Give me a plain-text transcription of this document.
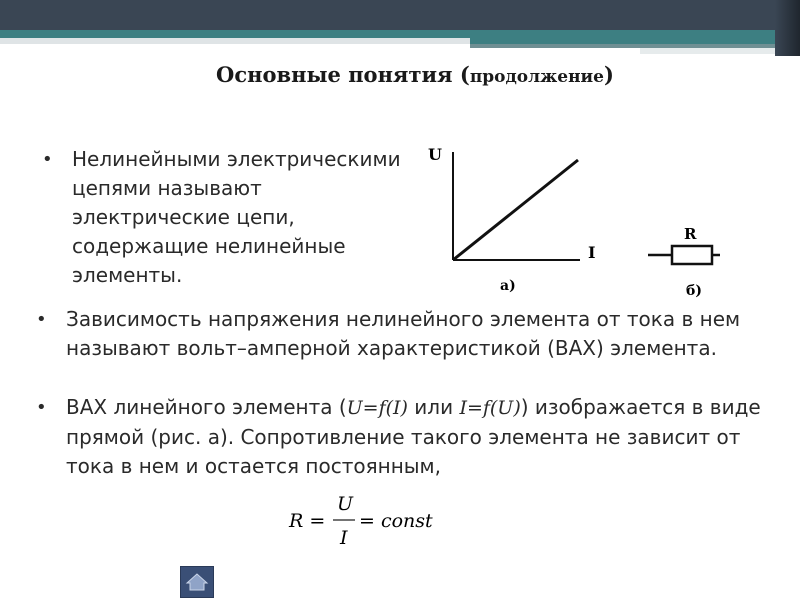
Основные понятия (продолжение)
• Нелинейными электрическими цепями называют электрические цепи, содержащие нелинейные элементы.
U
I
а)
R
б)
• Зависимость напряжения нелинейного элемента от тока в нем называют вольт–амперной характеристикой (ВАХ) элемента.
• ВАХ линейного элемента (U=f(I) или I=f(U)) изображается в виде прямой (рис. а). Сопротивление такого элемента не зависит от тока в нем и остается постоянным,
R =
U
I
= const
